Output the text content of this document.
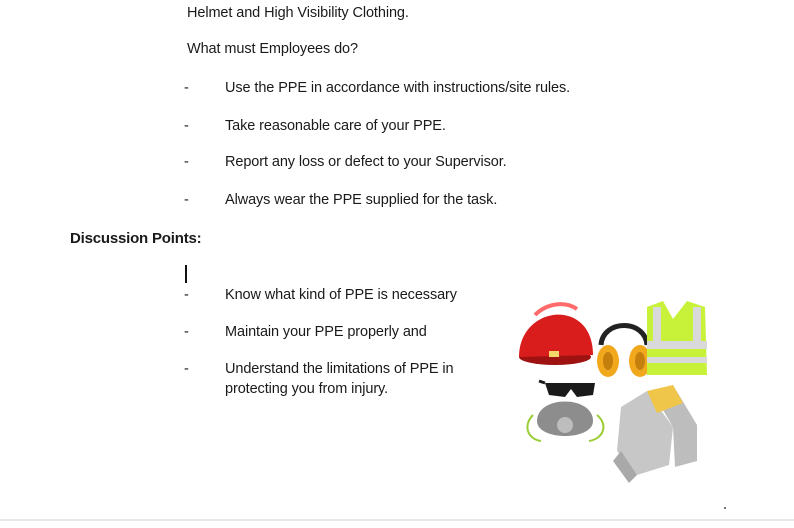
Helmet and High Visibility Clothing.
What must Employees do?
- Use the PPE in accordance with instructions/site rules.
- Take reasonable care of your PPE.
- Report any loss or defect to your Supervisor.
- Always wear the PPE supplied for the task.
Discussion Points:
- Know what kind of PPE is necessary
- Maintain your PPE properly and
- Understand the limitations of PPE in
protecting you from injury.
